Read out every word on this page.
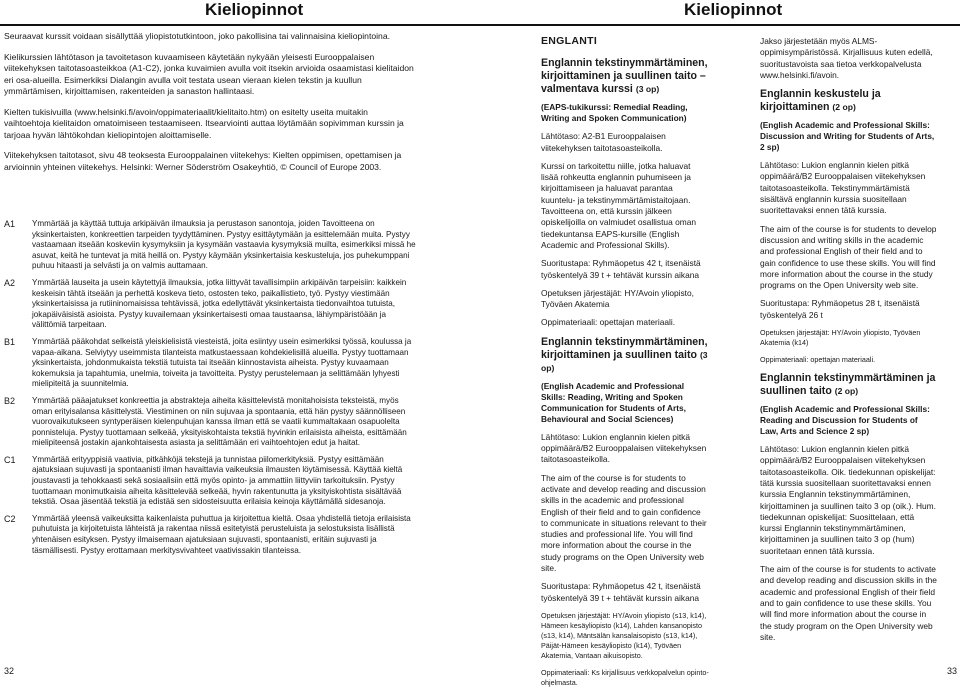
Kieliopinnot

Seuraavat kurssit voidaan sisällyttää yliopistotutkintoon, joko pakollisina tai valinnaisina kieliopintoina.

Kielikurssien lähtötason ja tavoitetason kuvaamiseen käytetään nykyään yleisesti Eurooppalaisen viitekehyksen taitotasoasteikkoa (A1-C2), jonka kuvaimien avulla voit itsekin arvioida osaamistasi kielitaidon eri osa-alueilla. Esimerkiksi Dialangin avulla voit testata usean vieraan kielen tekstin ja kuullun ymmärtämisen, kirjoittamisen, rakenteiden ja sanaston hallintaasi.

Kielten tukisivuilla (www.helsinki.fi/avoin/oppimateriaalit/kielitaito.htm) on esitelty useita muitakin vaihtoehtoja kielitaidon omatoimiseen testaamiseen. Itsearviointi auttaa löytämään sopivimman kurssin ja tarjoaa hyvän lähtökohdan kieliopintojen aloittamiselle.

Viitekehyksen taitotasot, sivu 48 teoksesta Eurooppalainen viitekehys: Kielten oppimisen, opettamisen ja arvioinnin yhteinen viitekehys. Helsinki: Werner Söderström Osakeyhtiö, © Council of Europe 2003.

A1	Ymmärtää ja käyttää tuttuja arkipäivän ilmauksia ja perustason sanontoja, joiden Tavoitteena on yksinkertaisten, konkreettien tarpeiden tyydyttäminen. Pystyy esittäytymään ja esittelemään muita. Pystyy vastaamaan itseään koskeviin kysymyksiin ja kysymään vastaavia kysymyksiä muilta, esimerkiksi missä he asuvat, keitä he tuntevat ja mitä heillä on. Pystyy käymään yksinkertaisia keskusteluja, jos puhekumppani puhuu hitaasti ja selvästi ja on valmis auttamaan.
A2	Ymmärtää lauseita ja usein käytettyjä ilmauksia, jotka liittyvät tavallisimpiin arkipäivän tarpeisiin: kaikkein keskeisin tähtä itseään ja perhettä koskeva tieto, ostosten teko, paikallistieto, työ. Pystyy viestimään yksinkertaisissa ja rutiininomaisissa tehtävissä, jotka edellyttävät yksinkertaista tiedonvaihtoa tutuista, jokapäiväisistä asioista. Pystyy kuvailemaan yksinkertaisesti omaa taustaansa, lähiympäristöään ja välittömiä tarpeitaan.
B1	Ymmärtää pääkohdat selkeistä yleiskielisistä viesteistä, joita esiintyy usein esimerkiksi työssä, koulussa ja vapaa-aikana. Selviytyy useimmista tilanteista matkustaessaan kohdekielisillä alueilla. Pystyy tuottamaan yksinkertaista, johdonmukaista tekstiä tutuista tai itseään kiinnostavista aiheista. Pystyy kuvaamaan kokemuksia ja tapahtumia, unelmia, toiveita ja tavoitteita. Pystyy perustelemaan ja selittämään lyhyesti mielipiteitä ja suunnitelmia.
B2	Ymmärtää pääajatukset konkreettia ja abstrakteja aiheita käsittelevistä monitahoisista teksteistä, myös oman erityisalansa käsittelystä. Viestiminen on niin sujuvaa ja spontaania, että hän pystyy säännölliseen vuorovaikutukseen syntyperäisen kielenpuhujan kanssa ilman että se vaatii kummaltakaan osapuolelta ponnisteluja. Pystyy tuottamaan selkeää, yksityiskohtaista tekstiä hyvinkin erilaisista aiheista, esittämään mielipiteensä jostakin ajankohtaisesta asiasta ja selittämään eri vaihtoehtojen edut ja haitat.
C1	Ymmärtää erityyppisiä vaativia, pitkähköjä tekstejä ja tunnistaa piilomerkityksiä. Pystyy esittämään ajatuksiaan sujuvasti ja spontaanisti ilman havaittavia vaikeuksia ilmausten löytämisessä. Käyttää kieltä joustavasti ja tehokkaasti sekä sosiaalisiin että myös opinto- ja ammattiin liittyviin tarkoituksiin. Pystyy tuottamaan monimutkaisia aiheita käsittelevää selkeää, hyvin rakentunutta ja yksityiskohtista sisältävää tekstiä. Osaa jäsentää tekstiä ja edistää sen sidosteisuutta erilaisia keinoja käyttämällä sidesanoja.
C2	Ymmärtää yleensä vaikeuksitta kaikenlaista puhuttua ja kirjoitettua kieltä. Osaa yhdistellä tietoja erilaisista puhutuista ja kirjoitetuista lähteistä ja rakentaa niissä esitetyistä perusteluista ja selostuksista lisällistä yhtenäisen esityksen. Pystyy ilmaisemaan ajatuksiaan sujuvasti, spontaanisti, eritäin sujuvasti ja täsmällisesti. Pystyy erottamaan merkitysvivahteet vaativissakin tilanteissa.
32
Kieliopinnot
ENGLANTI
Englannin tekstinymmärtäminen, kirjoittaminen ja suullinen taito – valmentava kurssi (3 op)
(EAPS-tukikurssi: Remedial Reading, Writing and Spoken Communication)

Lähtötaso: A2-B1 Eurooppalaisen viitekehyksen taitotasoasteikolla.

Kurssi on tarkoitettu niille, jotka haluavat lisää rohkeutta englannin puhumiseen ja kirjoittamiseen ja haluavat parantaa kuuntelu- ja tekstinymmärtämistaitojaan. Tavoitteena on, että kurssin jälkeen opiskelijoilla on valmiudet osallistua oman tiedekuntansa EAPS-kursille (English Academic and Professional Skills).

Suoritustapa: Ryhmäopetus 42 t, itsenäistä työskentelyä 39 t + tehtävät kurssin aikana

Opetuksen järjestäjät: HY/Avoin yliopisto, Työväen Akatemia

Oppimateriaali: opettajan materiaali.

Englannin tekstinymmärtäminen, kirjoittaminen ja suullinen taito (3 op)
(English Academic and Professional Skills: Reading, Writing and Spoken Communication for Students of Arts, Behavioural and Social Sciences)

Lähtötaso: Lukion englannin kielen pitkä oppimäärä/B2 Eurooppalaisen viitekehyksen taitotasoasteikolla.

The aim of the course is for students to activate and develop reading and discussion skills in the academic and professional English of their field and to gain confidence to communicate in situations relevant to their studies and professional life. You will find more information about the course in the study programs on the Open University web site.

Suoritustapa: Ryhmäopetus 42 t, itsenäistä työskentelyä 39 t + tehtävät kurssin aikana

Opetuksen järjestäjät: HY/Avoin yliopisto (s13, k14), Hämeen kesäyliopisto (k14), Lahden kansanopisto (s13, k14), Mäntsälän kansalaisopisto (s13, k14), Päijät-Hämeen kesäyliopisto (k14), Työväen Akatemia, Vantaan aikuisopisto.

Oppimateriaali: Ks kirjallisuus verkkopalvelun opinto-ohjelmasta.

Jakso järjestetään myös ALMS-oppimisympäristössä. Kirjallisuus kuten edellä, suoritustavoista saa tietoa verkkopalvelusta www.helsinki.fi/avoin.

Englannin keskustelu ja kirjoittaminen (2 op)
(English Academic and Professional Skills: Discussion and Writing for Students of Arts, 2 sp)

Lähtötaso: Lukion englannin kielen pitkä oppimäärä/B2 Eurooppalaisen viitekehyksen taitotasoasteikolla. Tekstinymmärtämistä sisältävä englannin kurssia suositellaan suoritettavaksi ennen tätä kurssia.

The aim of the course is for students to develop discussion and writing skills in the academic and professional English of their field and to gain confidence to use these skills. You will find more information about the course in the study programs on the Open University web site.

Suoritustapa: Ryhmäopetus 28 t, itsenäistä työskentelyä 26 t

Opetuksen järjestäjät: HY/Avoin yliopisto, Työväen Akatemia (k14)

Oppimateriaali: opettajan materiaali.

Englannin tekstinymmärtäminen ja suullinen taito (2 op)
(English Academic and Professional Skills: Reading and Discussion for Students of Law, Arts and Science 2 sp)

Lähtötaso: Lukion englannin kielen pitkä oppimäärä/B2 Eurooppalaisen viitekehyksen taitotasoasteikolla. Oik. tiedekunnan opiskelijat: tätä kurssia suositellaan suoritettavaksi ennen kurssia Englannin tekstinymmärtäminen, kirjoittaminen ja suullinen taito 3 op (oik.). Hum. tiedekunnan opiskelijat: Suosittelaan, että kurssi Englannin tekstinymmärtäminen, kirjoittaminen ja suullinen taito 3 op (hum) suoritetaan ennen tätä kurssia.

The aim of the course is for students to activate and develop reading and discussion skills in the academic and professional English of their field and to gain confidence to use these skills. You will find more information about the course in the study program on the Open University web site.

33
